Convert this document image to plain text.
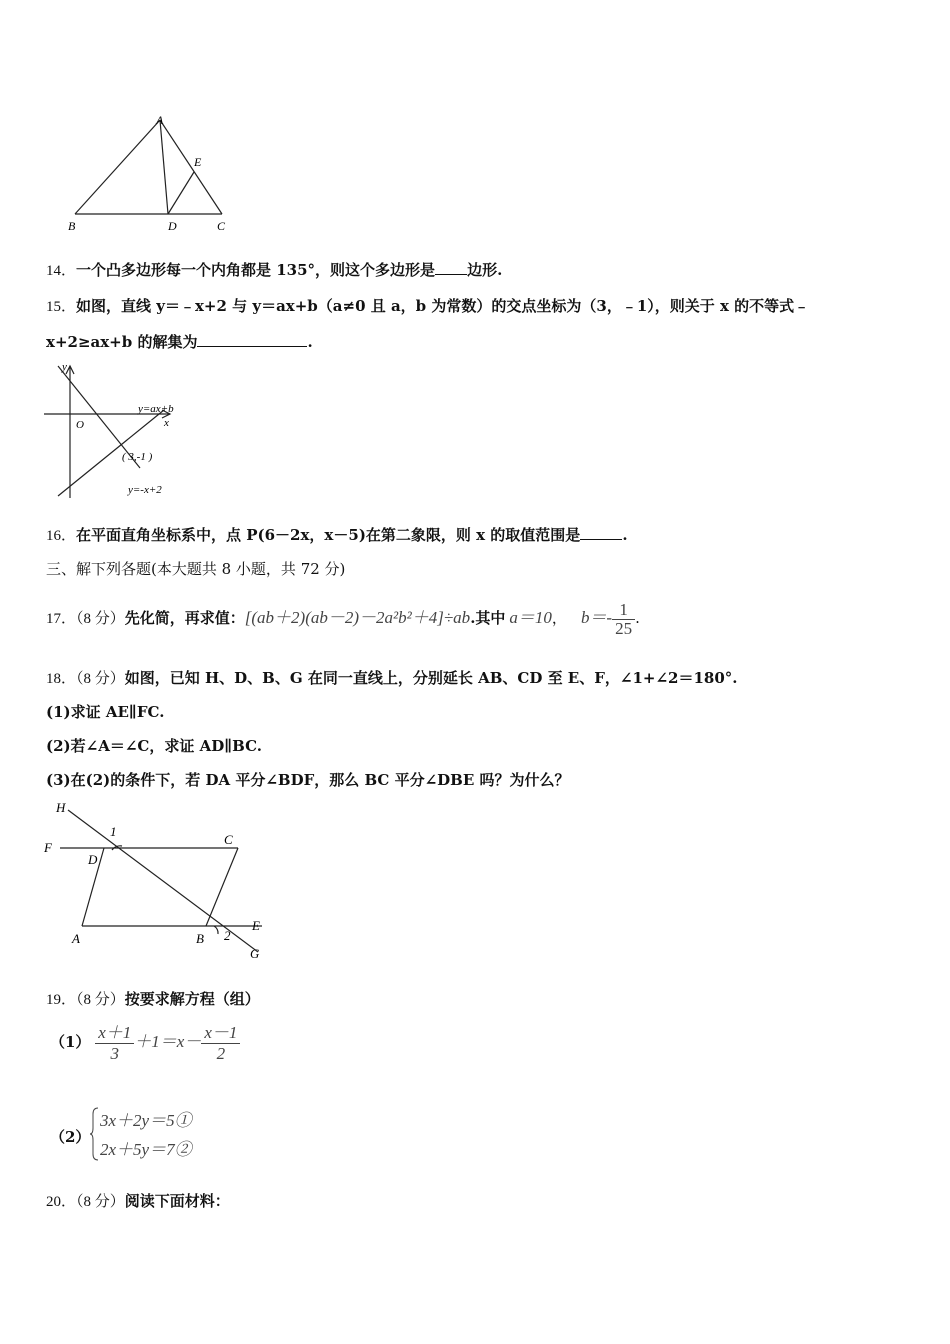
A
E
B	D	C
14．一个凸多边形每一个内角都是 135°，则这个多边形是 边形.
15．如图，直线 y＝﹣x+2 与 y＝ax+b（a≠0 且 a，b 为常数）的交点坐标为（3，﹣1），则关于 x 的不等式﹣
x+2≥ax+b 的解集为	.
y
x
O
y=ax+b
( 3,-1 )
y=-x+2
16．在平面直角坐标系中，点 P(6－2x，x－5)在第二象限，则 x 的取值范围是	.
三、解下列各题(本大题共 8 小题，共 72 分)
17．（8 分）先化简，再求值：[(ab＋2)(ab－2)－2a²b²＋4]÷ab.其中 a＝10， $b=- \frac{1}{25}$ .
18．（8 分）如图，已知 H、D、B、G 在同一直线上，分别延长 AB、CD 至 E、F，∠1+∠2＝180°.
(1)求证 AE∥FC.
(2)若∠A＝∠C，求证 AD∥BC.
(3)在(2)的条件下，若 DA 平分∠BDF，那么 BC 平分∠DBE 吗？为什么？
H
1
C
F
D
A	B 2
E
G
19．（8 分）按要求解方程（组）
$(1) \frac{x+1}{3} +1=x- \frac{x-1}{2}$
（2）
3x＋2y＝5①
2x＋5y＝7②
20．（8 分）阅读下面材料：
